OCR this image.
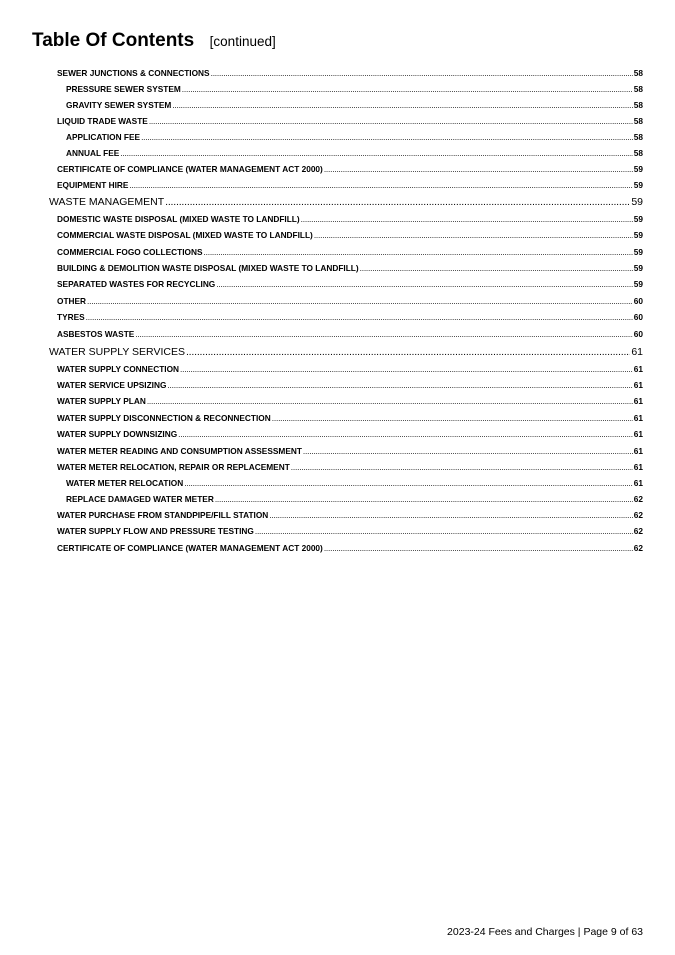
Table Of Contents [continued]
SEWER JUNCTIONS & CONNECTIONS .....	58
PRESSURE SEWER SYSTEM .....	58
GRAVITY SEWER SYSTEM .....	58
LIQUID TRADE WASTE .....	58
APPLICATION FEE .....	58
ANNUAL FEE .....	58
CERTIFICATE OF COMPLIANCE (WATER MANAGEMENT ACT 2000) .....	59
EQUIPMENT HIRE .....	59
WASTE MANAGEMENT .....	59
DOMESTIC WASTE DISPOSAL (MIXED WASTE TO LANDFILL) .....	59
COMMERCIAL WASTE DISPOSAL (MIXED WASTE TO LANDFILL) .....	59
COMMERCIAL FOGO COLLECTIONS .....	59
BUILDING & DEMOLITION WASTE DISPOSAL (MIXED WASTE TO LANDFILL) .....	59
SEPARATED WASTES FOR RECYCLING .....	59
OTHER .....	60
TYRES .....	60
ASBESTOS WASTE .....	60
WATER SUPPLY SERVICES .....	61
WATER SUPPLY CONNECTION .....	61
WATER SERVICE UPSIZING .....	61
WATER SUPPLY PLAN .....	61
WATER SUPPLY DISCONNECTION & RECONNECTION .....	61
WATER SUPPLY DOWNSIZING .....	61
WATER METER READING AND CONSUMPTION ASSESSMENT .....	61
WATER METER RELOCATION, REPAIR OR REPLACEMENT .....	61
WATER METER RELOCATION .....	61
REPLACE DAMAGED WATER METER .....	62
WATER PURCHASE FROM STANDPIPE/FILL STATION .....	62
WATER SUPPLY FLOW AND PRESSURE TESTING .....	62
CERTIFICATE OF COMPLIANCE (WATER MANAGEMENT ACT 2000) .....	62
2023-24 Fees and Charges | Page 9 of 63
